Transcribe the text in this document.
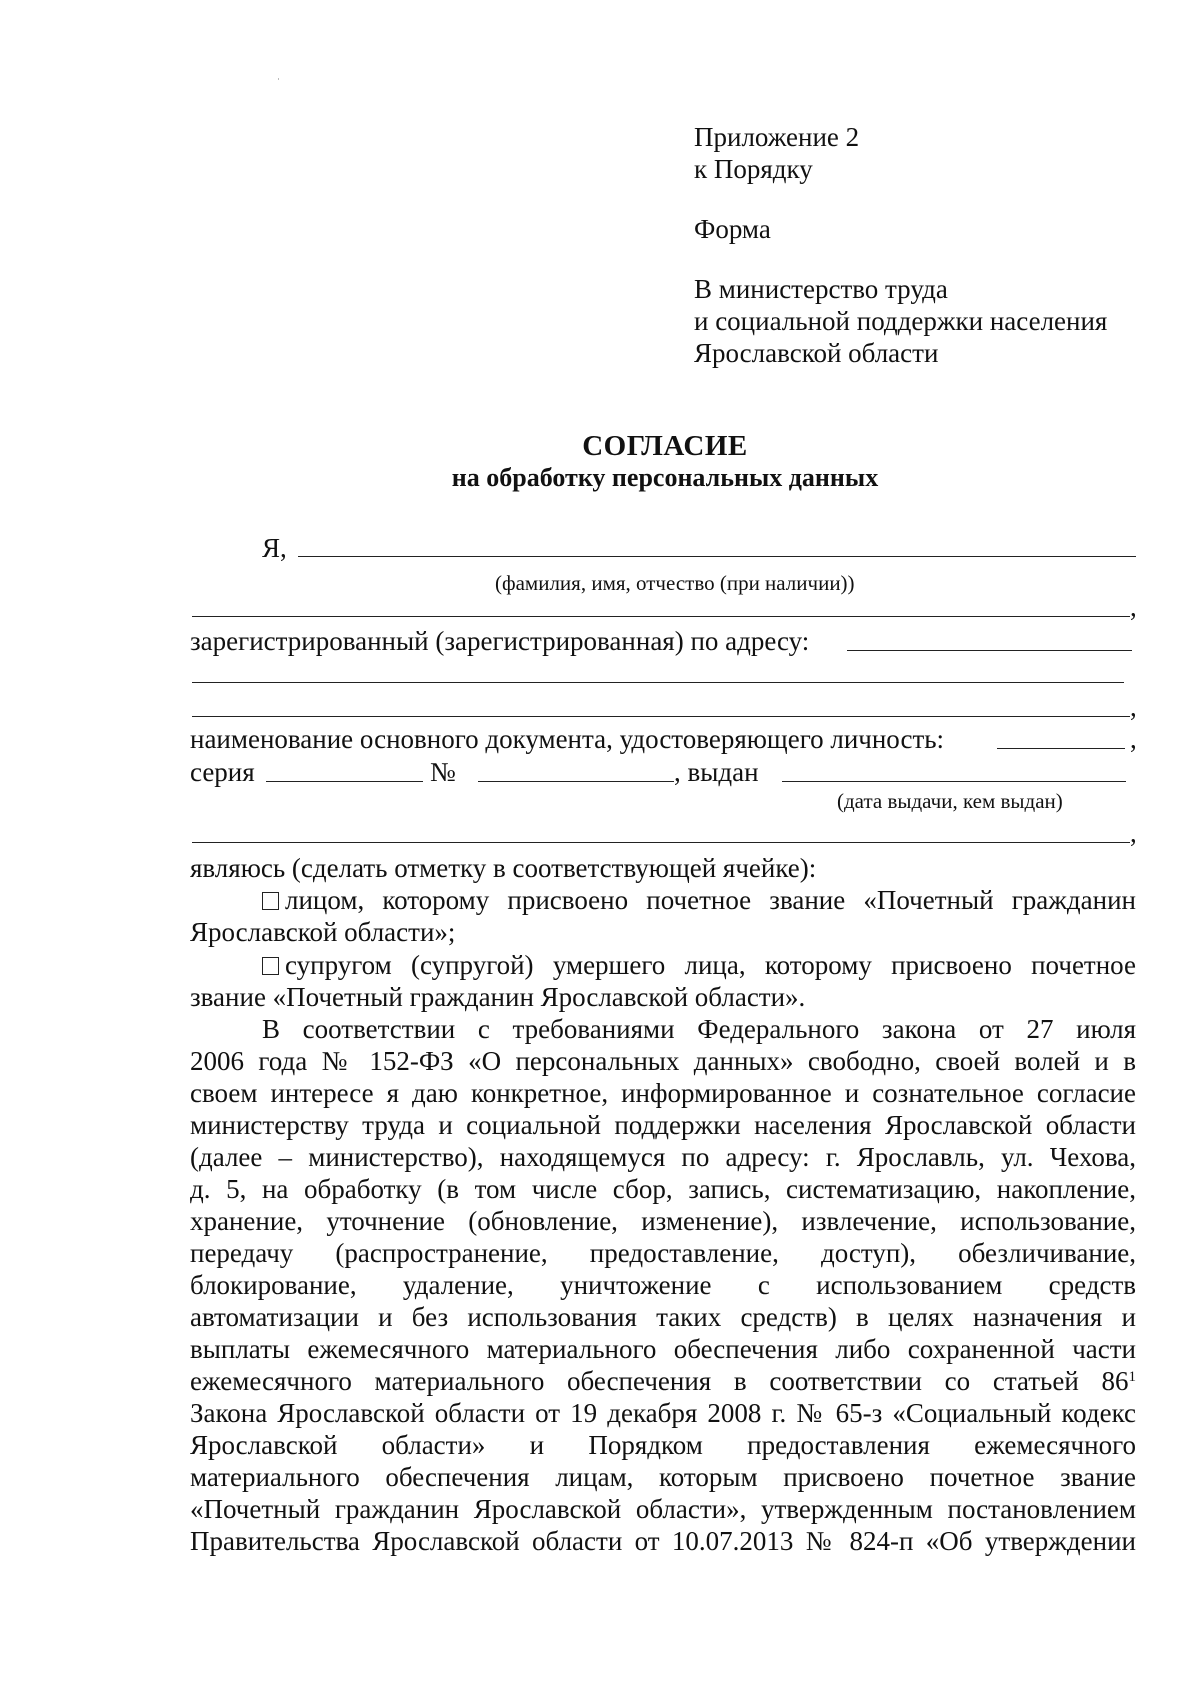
Приложение 2
к Порядку
Форма
В министерство труда
и социальной поддержки населения
Ярославской области
СОГЛАСИЕ
на обработку персональных данных
Я,
(фамилия, имя, отчество (при наличии))
,
зарегистрированный (зарегистрированная) по адресу:
,
наименование основного документа, удостоверяющего личность:	,
серия	№	, выдан
(дата выдачи, кем выдан)
,
являюсь (сделать отметку в соответствующей ячейке):
лицом, которому присвоено почетное звание «Почетный гражданин
Ярославской области»;
супругом (супругой) умершего лица, которому присвоено почетное
звание «Почетный гражданин Ярославской области».
В соответствии с требованиями Федерального закона от 27 июля
2006 года № 152-ФЗ «О персональных данных» свободно, своей волей и в
своем интересе я даю конкретное, информированное и сознательное согласие
министерству труда и социальной поддержки населения Ярославской области
(далее – министерство), находящемуся по адресу: г. Ярославль, ул. Чехова,
д. 5, на обработку (в том числе сбор, запись, систематизацию, накопление,
хранение, уточнение (обновление, изменение), извлечение, использование,
передачу (распространение, предоставление, доступ), обезличивание,
блокирование, удаление, уничтожение с использованием средств
автоматизации и без использования таких средств) в целях назначения и
выплаты ежемесячного материального обеспечения либо сохраненной части
ежемесячного материального обеспечения в соответствии со статьей $86^1$
Закона Ярославской области от 19 декабря 2008 г. № 65-з «Социальный кодекс
Ярославской области» и Порядком предоставления ежемесячного
материального обеспечения лицам, которым присвоено почетное звание
«Почетный гражданин Ярославской области», утвержденным постановлением
Правительства Ярославской области от 10.07.2013 № 824-п «Об утверждении
